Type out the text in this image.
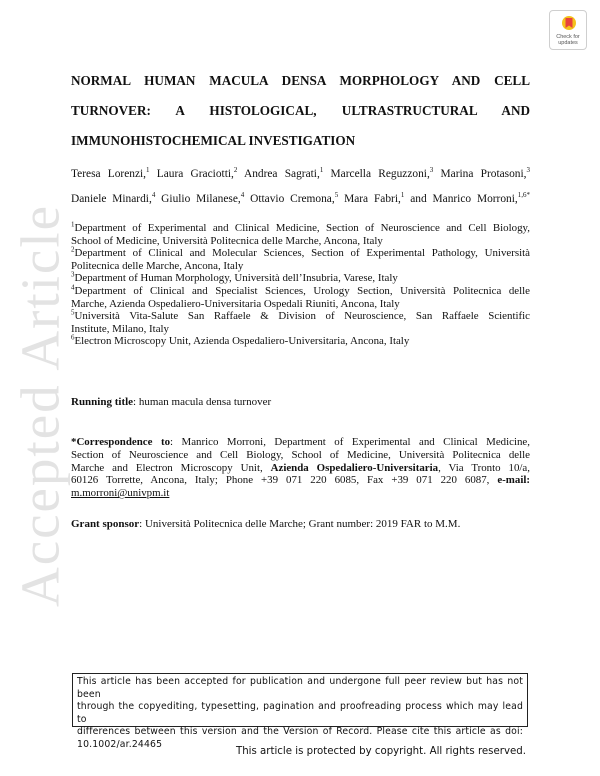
Accepted Article
Check for
updates
NORMAL HUMAN MACULA DENSA MORPHOLOGY AND CELL
TURNOVER: A HISTOLOGICAL, ULTRASTRUCTURAL AND
IMMUNOHISTOCHEMICAL INVESTIGATION
Teresa Lorenzi,$^1$ Laura Graciotti,$^2$ Andrea Sagrati,$^1$ Marcella Reguzzoni,$^3$ Marina Protasoni,$^3$
Daniele Minardi,$^4$ Giulio Milanese,$^4$ Ottavio Cremona,$^5$ Mara Fabri,$^1$ and Manrico Morroni,$^{1,6*}$
$^1$Department of Experimental and Clinical Medicine, Section of Neuroscience and Cell Biology,
School of Medicine, Università Politecnica delle Marche, Ancona, Italy
$^2$Department of Clinical and Molecular Sciences, Section of Experimental Pathology, Università
Politecnica delle Marche, Ancona, Italy
$^3$Department of Human Morphology, Università dell’Insubria, Varese, Italy
$^4$Department of Clinical and Specialist Sciences, Urology Section, Università Politecnica delle
Marche, Azienda Ospedaliero-Universitaria Ospedali Riuniti, Ancona, Italy
$^5$Università Vita-Salute San Raffaele & Division of Neuroscience, San Raffaele Scientific
Institute, Milano, Italy
$^6$Electron Microscopy Unit, Azienda Ospedaliero-Universitaria, Ancona, Italy
Running title: human macula densa turnover
*Correspondence to: Manrico Morroni, Department of Experimental and Clinical Medicine,
Section of Neuroscience and Cell Biology, School of Medicine, Università Politecnica delle
Marche and Electron Microscopy Unit, Azienda Ospedaliero-Universitaria, Via Tronto 10/a,
60126 Torrette, Ancona, Italy; Phone +39 071 220 6085, Fax +39 071 220 6087, e-mail:
m.morroni@univpm.it
Grant sponsor: Università Politecnica delle Marche; Grant number: 2019 FAR to M.M.
This article has been accepted for publication and undergone full peer review but has not been
through the copyediting, typesetting, pagination and proofreading process which may lead to
differences between this version and the Version of Record. Please cite this article as doi:
10.1002/ar.24465
This article is protected by copyright. All rights reserved.
